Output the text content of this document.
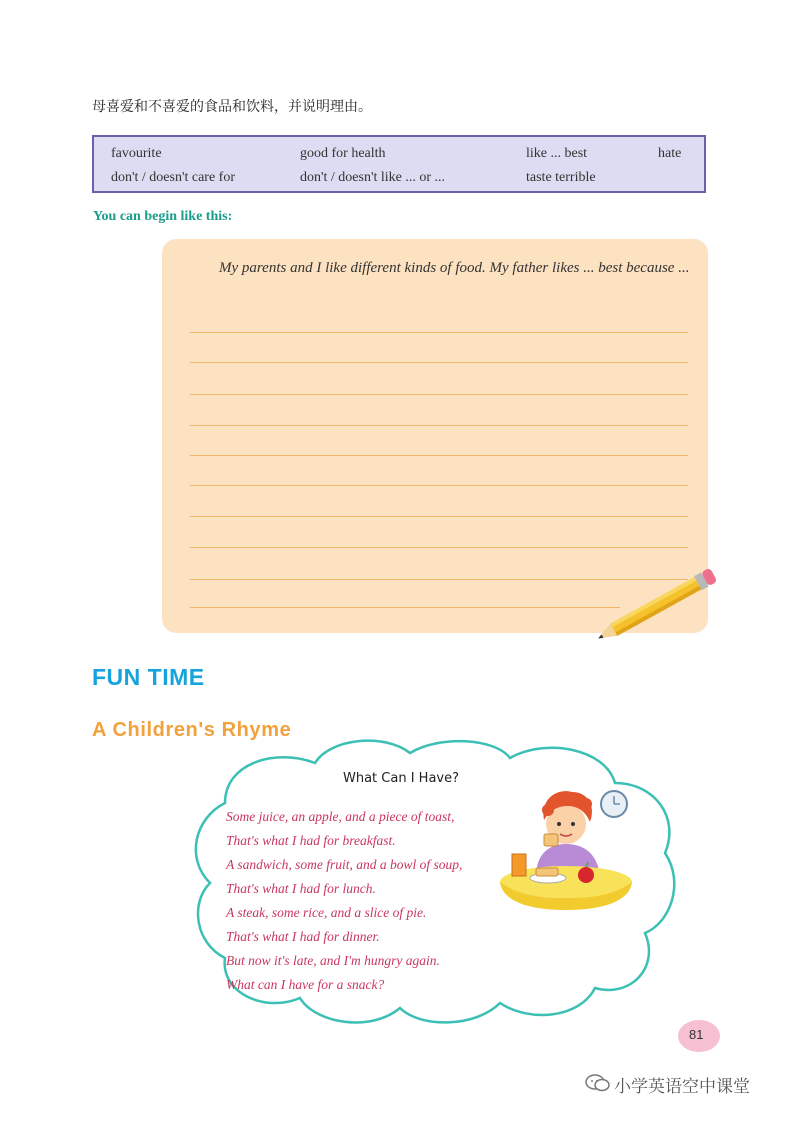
母喜爱和不喜爱的食品和饮料，并说明理由。
favourite	good for health	like ... best	hate
don't / doesn't care for	don't / doesn't like ... or ...	taste terrible
You can begin like this:
My parents and I like different kinds of food. My father likes ... best because ...
FUN TIME
A Children's Rhyme
What Can I Have?
Some juice, an apple, and a piece of toast,
That's what I had for breakfast.
A sandwich, some fruit, and a bowl of soup,
That's what I had for lunch.
A steak, some rice, and a slice of pie.
That's what I had for dinner.
But now it's late, and I'm hungry again.
What can I have for a snack?
81
小学英语空中课堂
